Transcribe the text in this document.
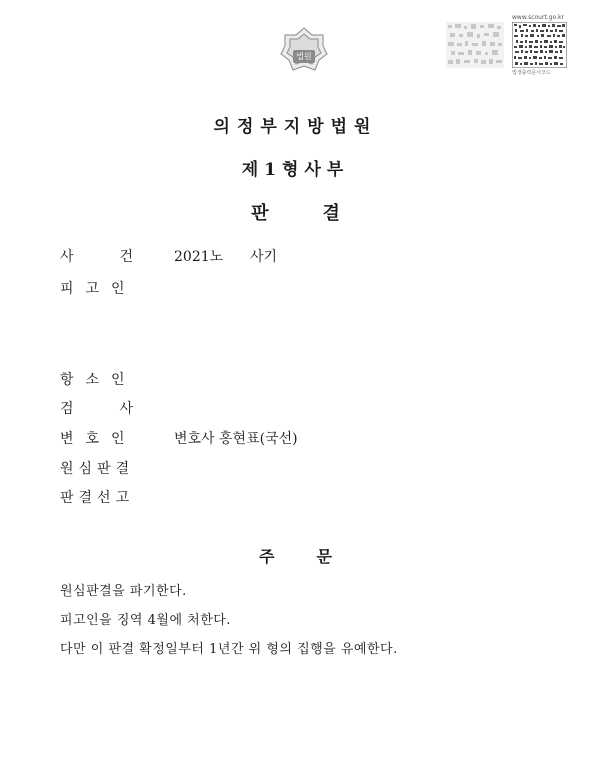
법원
www.scourt.go.kr
법생출력문서코드
의정부지방법원
제1형사부
판결
사건
2021노 사기
피고인
항소인
검사
변호인	변호사 홍현표(국선)
원심판결
판결선고
주문
원심판결을 파기한다.
피고인을 징역 4월에 처한다.
다만 이 판결 확정일부터 1년간 위 형의 집행을 유예한다.
